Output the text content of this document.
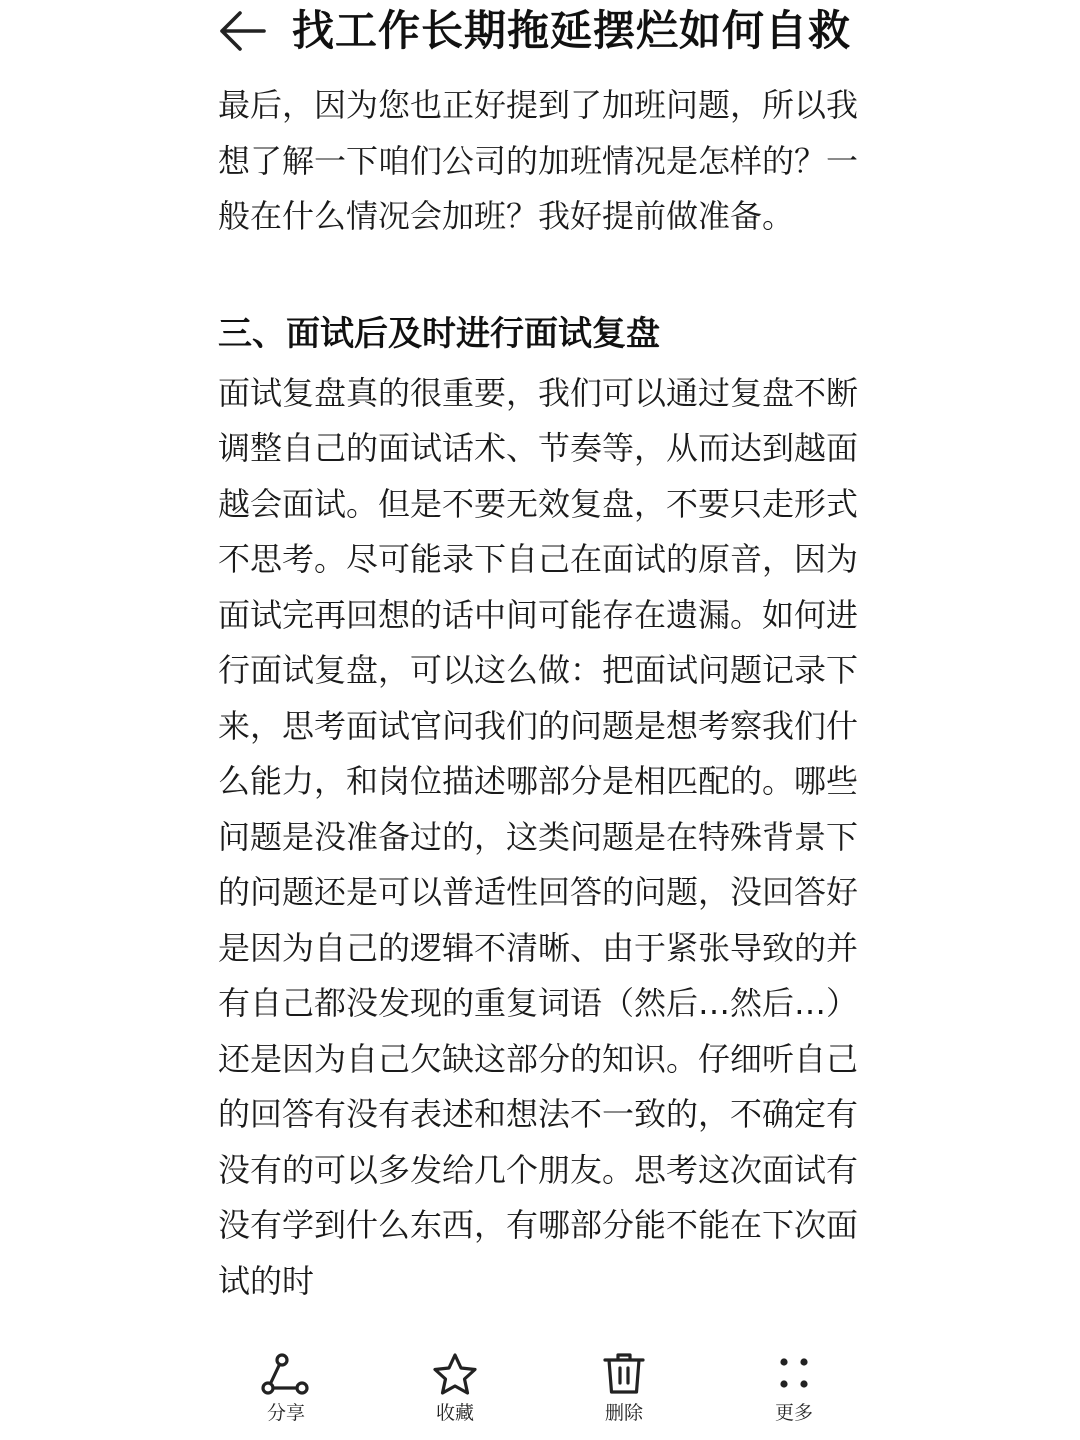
找工作长期拖延摆烂如何自救

最后，因为您也正好提到了加班问题，所以我想了解一下咱们公司的加班情况是怎样的？一般在什么情况会加班？我好提前做准备。

三、面试后及时进行面试复盘

面试复盘真的很重要，我们可以通过复盘不断调整自己的面试话术、节奏等，从而达到越面越会面试。但是不要无效复盘，不要只走形式不思考。尽可能录下自己在面试的原音，因为面试完再回想的话中间可能存在遗漏。如何进行面试复盘，可以这么做：把面试问题记录下来，思考面试官问我们的问题是想考察我们什么能力，和岗位描述哪部分是相匹配的。哪些问题是没准备过的，这类问题是在特殊背景下的问题还是可以普适性回答的问题，没回答好是因为自己的逻辑不清晰、由于紧张导致的并有自己都没发现的重复词语（然后…然后…）还是因为自己欠缺这部分的知识。仔细听自己的回答有没有表述和想法不一致的，不确定有没有的可以多发给几个朋友。思考这次面试有没有学到什么东西，有哪部分能不能在下次面试的时

分享	收藏	删除	更多
